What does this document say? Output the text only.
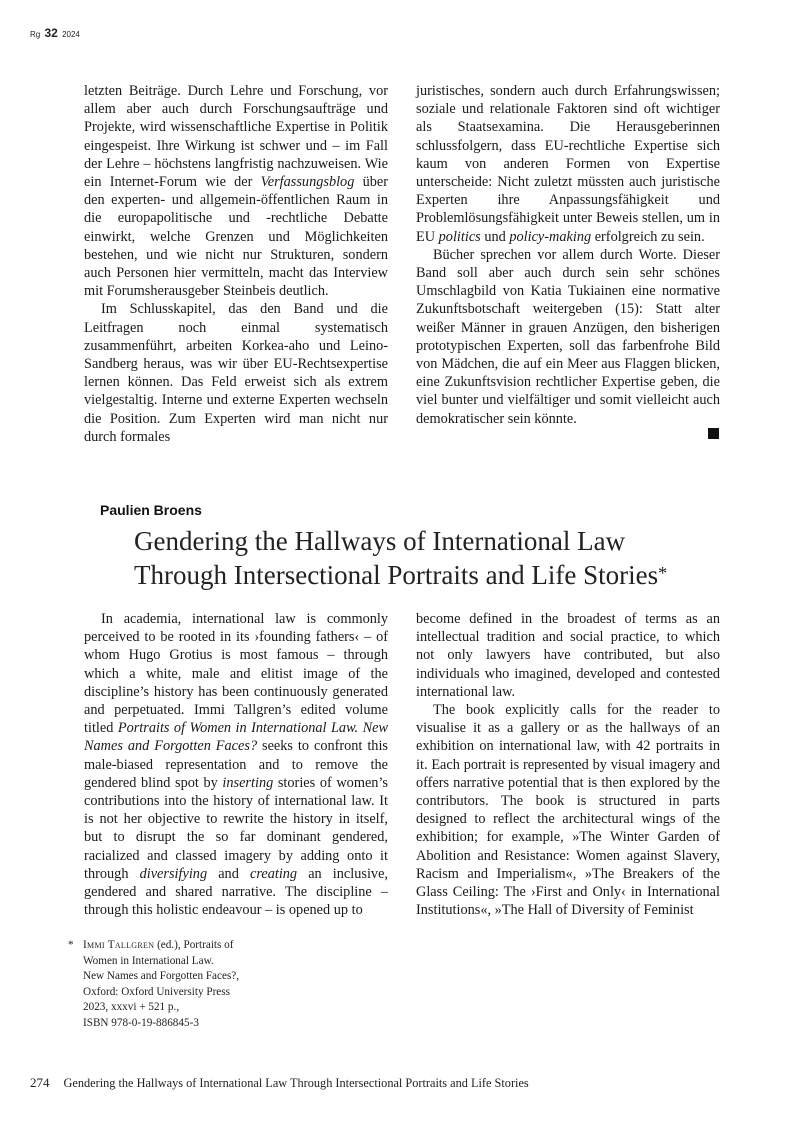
Rg 32 2024

letzten Beiträge. Durch Lehre und Forschung, vor allem aber auch durch Forschungsaufträge und Projekte, wird wissenschaftliche Expertise in Politik eingespeist. Ihre Wirkung ist schwer und – im Fall der Lehre – höchstens langfristig nachzuweisen. Wie ein Internet-Forum wie der Verfassungsblog über den experten- und allgemein-öffentlichen Raum in die europapolitische und -rechtliche Debatte einwirkt, welche Grenzen und Möglichkeiten bestehen, und wie nicht nur Strukturen, sondern auch Personen hier vermitteln, macht das Interview mit Forumsherausgeber Steinbeis deutlich.

Im Schlusskapitel, das den Band und die Leitfragen noch einmal systematisch zusammenführt, arbeiten Korkea-aho und Leino-Sandberg heraus, was wir über EU-Rechtsexpertise lernen können. Das Feld erweist sich als extrem vielgestaltig. Interne und externe Experten wechseln die Position. Zum Experten wird man nicht nur durch formales

juristisches, sondern auch durch Erfahrungswissen; soziale und relationale Faktoren sind oft wichtiger als Staatsexamina. Die Herausgeberinnen schlussfolgern, dass EU-rechtliche Expertise sich kaum von anderen Formen von Expertise unterscheide: Nicht zuletzt müssten auch juristische Experten ihre Anpassungsfähigkeit und Problemlösungsfähigkeit unter Beweis stellen, um in EU politics und policy-making erfolgreich zu sein.

Bücher sprechen vor allem durch Worte. Dieser Band soll aber auch durch sein sehr schönes Umschlagbild von Katia Tukiainen eine normative Zukunftsbotschaft weitergeben (15): Statt alter weißer Männer in grauen Anzügen, den bisherigen prototypischen Experten, soll das farbenfrohe Bild von Mädchen, die auf ein Meer aus Flaggen blicken, eine Zukunftsvision rechtlicher Expertise geben, die viel bunter und vielfältiger und somit vielleicht auch demokratischer sein könnte.

Paulien Broens
Gendering the Hallways of International Law
Through Intersectional Portraits and Life Stories*

In academia, international law is commonly perceived to be rooted in its ›founding fathers‹ – of whom Hugo Grotius is most famous – through which a white, male and elitist image of the discipline’s history has been continuously generated and perpetuated. Immi Tallgren’s edited volume titled Portraits of Women in International Law. New Names and Forgotten Faces? seeks to confront this male-biased representation and to remove the gendered blind spot by inserting stories of women’s contributions into the history of international law. It is not her objective to rewrite the history in itself, but to disrupt the so far dominant gendered, racialized and classed imagery by adding onto it through diversifying and creating an inclusive, gendered and shared narrative. The discipline – through this holistic endeavour – is opened up to

become defined in the broadest of terms as an intellectual tradition and social practice, to which not only lawyers have contributed, but also individuals who imagined, developed and contested international law.

The book explicitly calls for the reader to visualise it as a gallery or as the hallways of an exhibition on international law, with 42 portraits in it. Each portrait is represented by visual imagery and offers narrative potential that is then explored by the contributors. The book is structured in parts designed to reflect the architectural wings of the exhibition; for example, »The Winter Garden of Abolition and Resistance: Women against Slavery, Racism and Imperialism«, »The Breakers of the Glass Ceiling: The ›First and Only‹ in International Institutions«, »The Hall of Diversity of Feminist

* Immi Tallgren (ed.), Portraits of
Women in International Law.
New Names and Forgotten Faces?,
Oxford: Oxford University Press
2023, xxxvi + 521 p.,
ISBN 978-0-19-886845-3
274 Gendering the Hallways of International Law Through Intersectional Portraits and Life Stories
